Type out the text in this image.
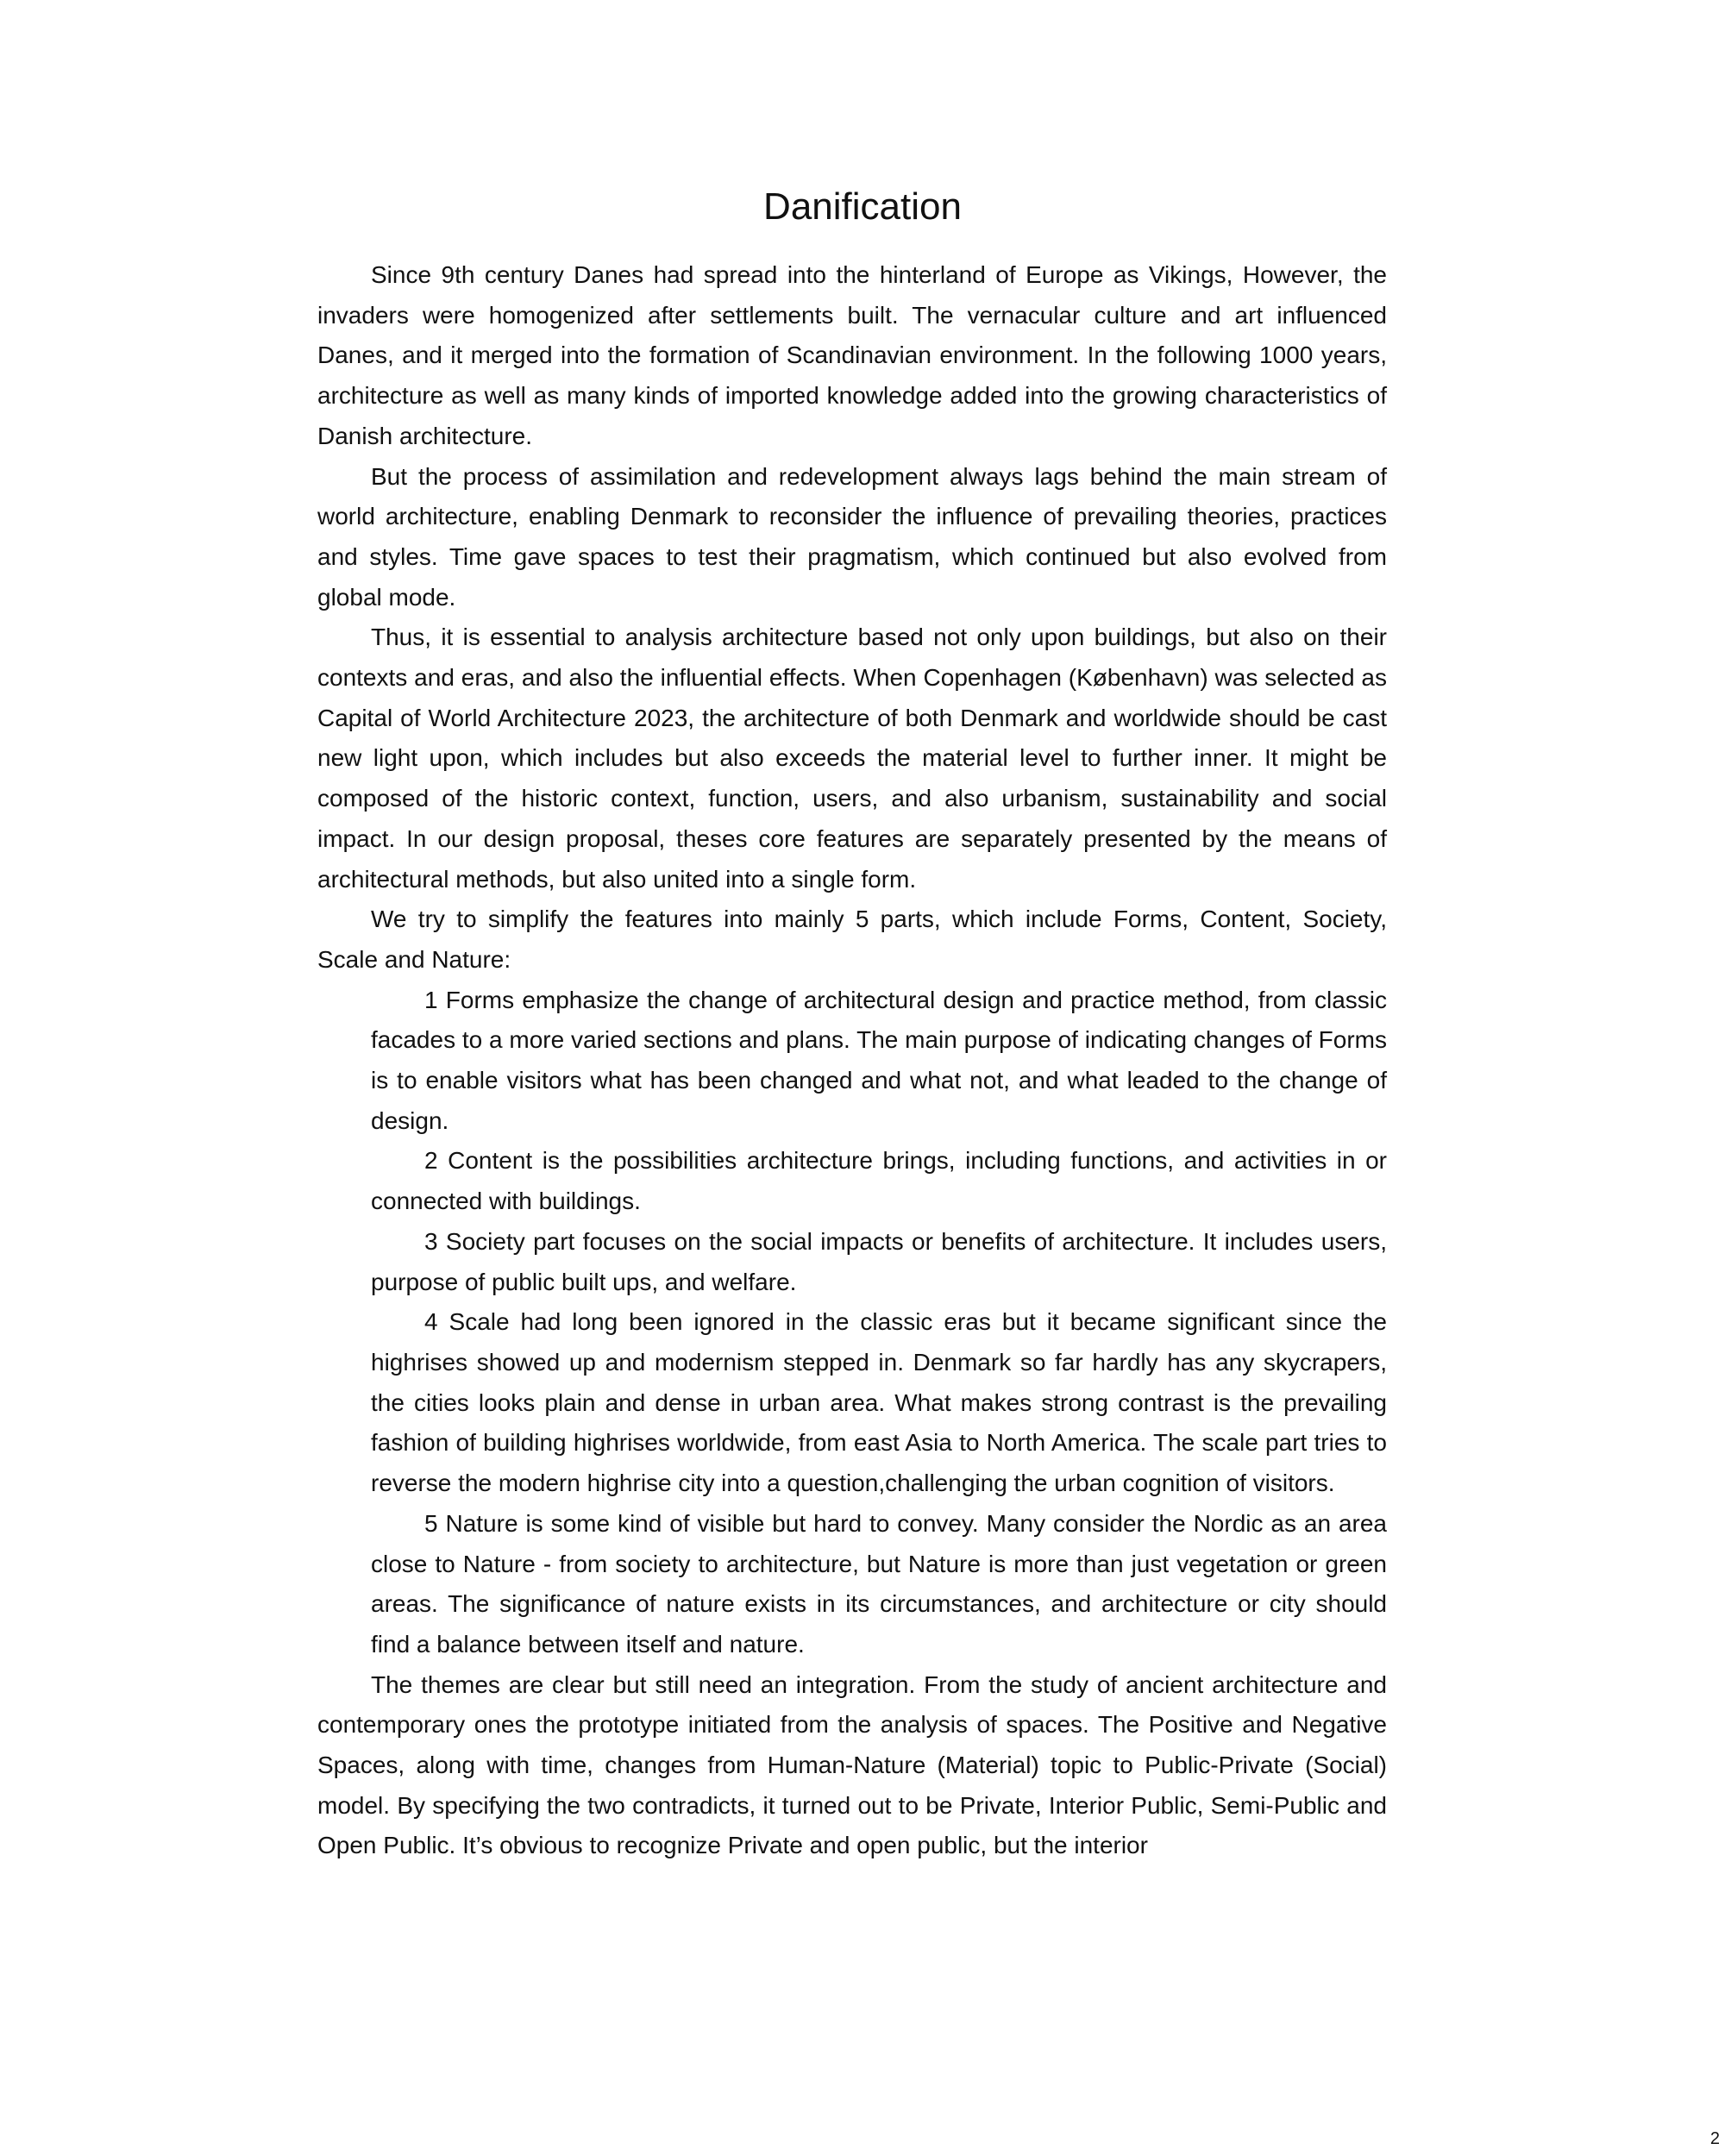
Danification

Since 9th century Danes had spread into the hinterland of Europe as Vikings, However, the invaders were homogenized after settlements built. The vernacular culture and art influenced Danes, and it merged into the formation of Scandinavian environment. In the following 1000 years, architecture as well as many kinds of imported knowledge added into the growing characteristics of Danish architecture.

But the process of assimilation and redevelopment always lags behind the main stream of world architecture, enabling Denmark to reconsider the influence of prevailing theories, practices and styles. Time gave spaces to test their pragmatism, which continued but also evolved from global mode.

Thus, it is essential to analysis architecture based not only upon buildings, but also on their contexts and eras, and also the influential effects. When Copenhagen (København) was selected as Capital of World Architecture 2023, the architecture of both Denmark and worldwide should be cast new light upon, which includes but also exceeds the material level to further inner. It might be composed of the historic context, function, users, and also urbanism, sustainability and social impact. In our design proposal, theses core features are separately presented by the means of architectural methods, but also united into a single form.

We try to simplify the features into mainly 5 parts, which include Forms, Content, Society, Scale and Nature:

1 Forms emphasize the change of architectural design and practice method, from classic facades to a more varied sections and plans. The main purpose of indicating changes of Forms is to enable visitors what has been changed and what not, and what leaded to the change of design.

2 Content is the possibilities architecture brings, including functions, and activities in or connected with buildings.

3 Society part focuses on the social impacts or benefits of architecture. It includes users, purpose of public built ups, and welfare.

4 Scale had long been ignored in the classic eras but it became significant since the highrises showed up and modernism stepped in. Denmark so far hardly has any skycrapers, the cities looks plain and dense in urban area. What makes strong contrast is the prevailing fashion of building highrises worldwide, from east Asia to North America. The scale part tries to reverse the modern highrise city into a question,challenging the urban cognition of visitors.

5 Nature is some kind of visible but hard to convey. Many consider the Nordic as an area close to Nature - from society to architecture, but Nature is more than just vegetation or green areas. The significance of nature exists in its circumstances, and architecture or city should find a balance between itself and nature.

The themes are clear but still need an integration. From the study of ancient architecture and contemporary ones the prototype initiated from the analysis of spaces. The Positive and Negative Spaces, along with time, changes from Human-Nature (Material) topic to Public-Private (Social) model. By specifying the two contradicts, it turned out to be Private, Interior Public, Semi-Public and Open Public. It’s obvious to recognize Private and open public, but the interior

2
